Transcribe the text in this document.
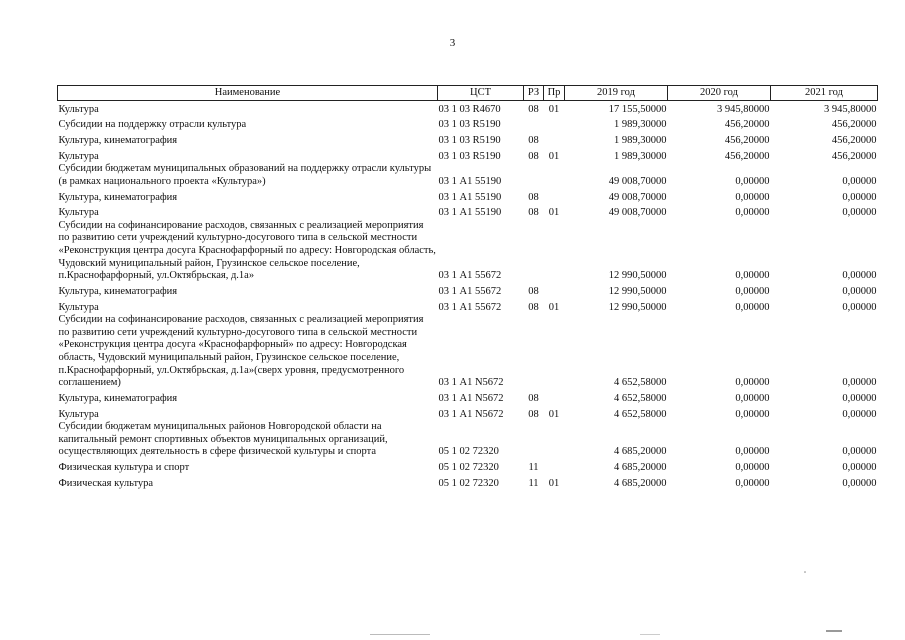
3
Наименование	ЦСТ	РЗ	Пр	2019 год	2020 год	2021 год
Культура	03 1 03 R4670	08	01	17 155,50000	3 945,80000	3 945,80000
Субсидии на поддержку отрасли культура	03 1 03 R5190			1 989,30000	456,20000	456,20000
Культура, кинематография	03 1 03 R5190	08		1 989,30000	456,20000	456,20000
Культура	03 1 03 R5190	08	01	1 989,30000	456,20000	456,20000
Субсидии бюджетам муниципальных образований на поддержку отрасли культуры (в рамках национального проекта «Культура»)	03 1 А1 55190			49 008,70000	0,00000	0,00000
Культура, кинематография	03 1 А1 55190	08		49 008,70000	0,00000	0,00000
Культура	03 1 А1 55190	08	01	49 008,70000	0,00000	0,00000
Субсидии на софинансирование расходов, связанных с реализацией мероприятия по развитию сети учреждений культурно-досугового типа в сельской местности «Реконструкция центра досуга Краснофарфорный по адресу: Новгородская область, Чудовский муниципальный район, Грузинское сельское поселение, п.Краснофарфорный, ул.Октябрьская, д.1а»	03 1 А1 55672			12 990,50000	0,00000	0,00000
Культура, кинематография	03 1 А1 55672	08		12 990,50000	0,00000	0,00000
Культура	03 1 А1 55672	08	01	12 990,50000	0,00000	0,00000
Субсидии на софинансирование расходов, связанных с реализацией мероприятия по развитию сети учреждений культурно-досугового типа в сельской местности «Реконструкция центра досуга «Краснофарфорный» по адресу: Новгородская область, Чудовский муниципальный район, Грузинское сельское поселение, п.Краснофарфорный, ул.Октябрьская, д.1а»(сверх уровня, предусмотренного соглашением)	03 1 А1 N5672			4 652,58000	0,00000	0,00000
Культура, кинематография	03 1 А1 N5672	08		4 652,58000	0,00000	0,00000
Культура	03 1 А1 N5672	08	01	4 652,58000	0,00000	0,00000
Субсидии бюджетам муниципальных районов Новгородской области на капитальный ремонт спортивных объектов муниципальных организаций, осуществляющих деятельность в сфере физической культуры и спорта	05 1 02 72320			4 685,20000	0,00000	0,00000
Физическая культура и спорт	05 1 02 72320	11		4 685,20000	0,00000	0,00000
Физическая культура	05 1 02 72320	11	01	4 685,20000	0,00000	0,00000
